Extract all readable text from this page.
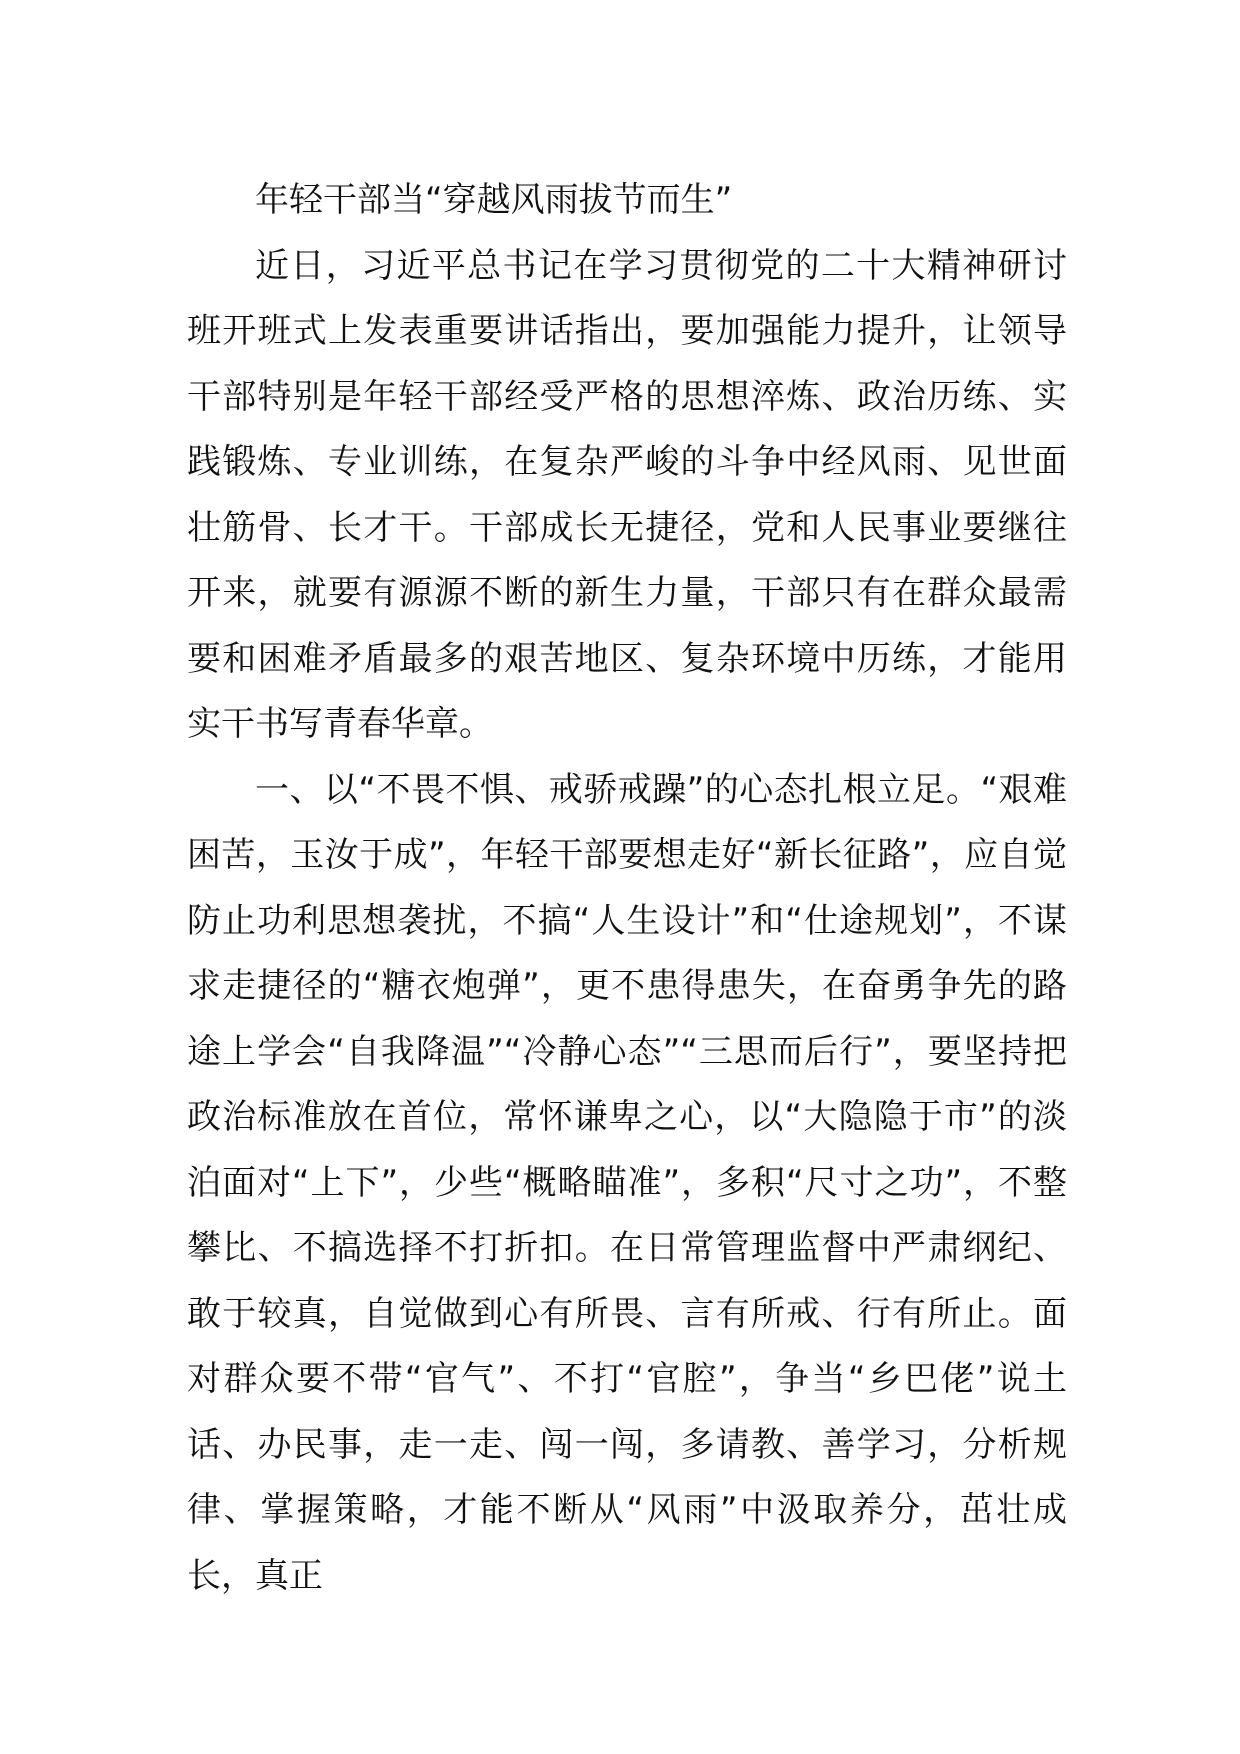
年轻干部当“穿越风雨拔节而生”

近日，习近平总书记在学习贯彻党的二十大精神研讨班开班式上发表重要讲话指出，要加强能力提升，让领导干部特别是年轻干部经受严格的思想淬炼、政治历练、实践锻炼、专业训练，在复杂严峻的斗争中经风雨、见世面壮筋骨、长才干。干部成长无捷径，党和人民事业要继往开来，就要有源源不断的新生力量，干部只有在群众最需要和困难矛盾最多的艰苦地区、复杂环境中历练，才能用实干书写青春华章。

一、以“不畏不惧、戒骄戒躁”的心态扎根立足。“艰难困苦，玉汝于成”，年轻干部要想走好“新长征路”，应自觉防止功利思想袭扰，不搞“人生设计”和“仕途规划”，不谋求走捷径的“糖衣炮弹”，更不患得患失，在奋勇争先的路途上学会“自我降温”“冷静心态”“三思而后行”，要坚持把政治标准放在首位，常怀谦卑之心，以“大隐隐于市”的淡泊面对“上下”，少些“概略瞄准”，多积“尺寸之功”，不整攀比、不搞选择不打折扣。在日常管理监督中严肃纲纪、敢于较真，自觉做到心有所畏、言有所戒、行有所止。面对群众要不带“官气”、不打“官腔”，争当“乡巴佬”说土话、办民事，走一走、闯一闯，多请教、善学习，分析规律、掌握策略，才能不断从“风雨”中汲取养分，茁壮成长，真正
